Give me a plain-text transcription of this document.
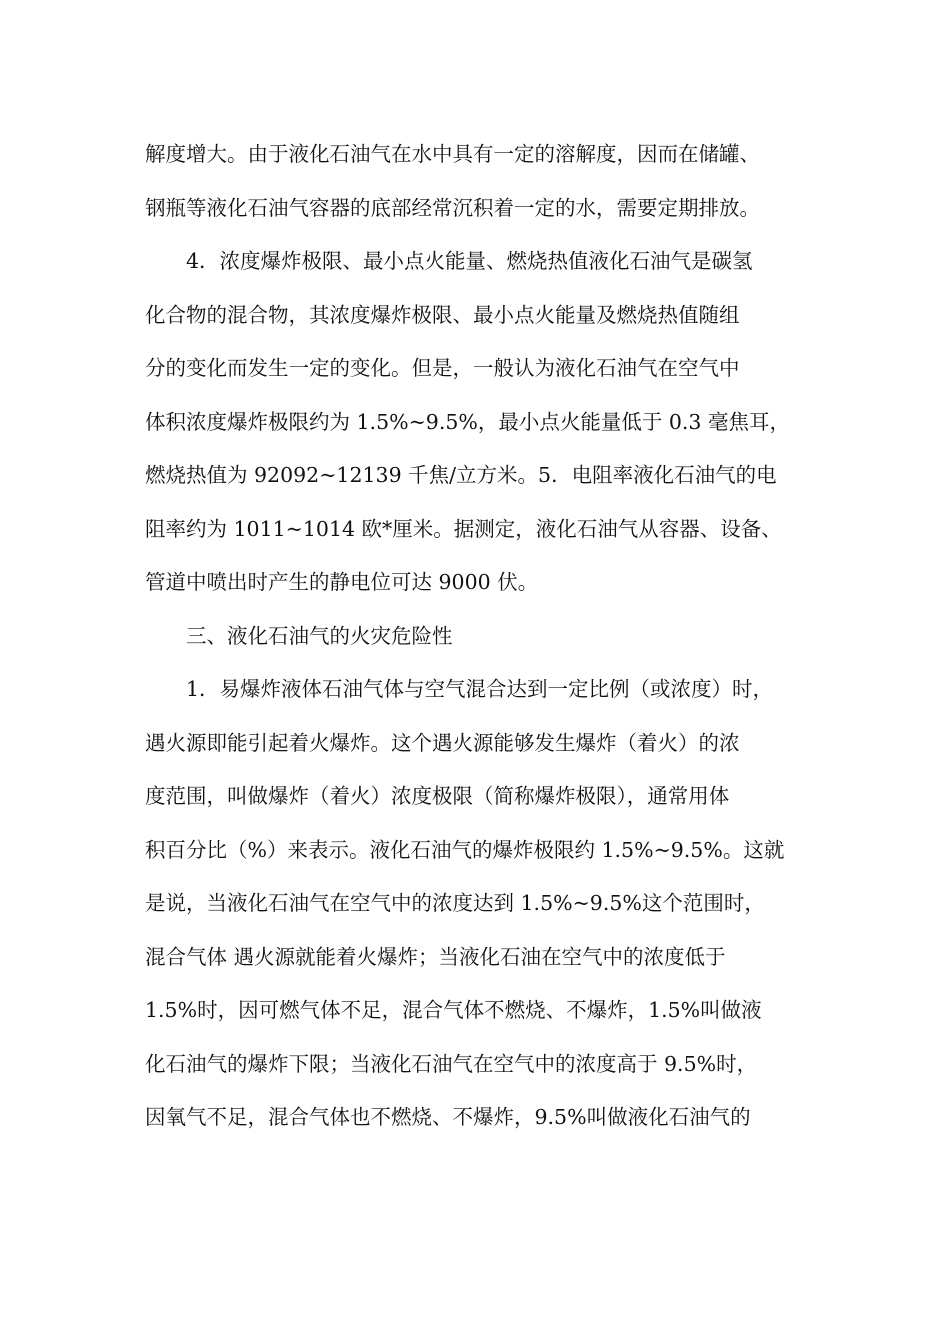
解度增大。由于液化石油气在水中具有一定的溶解度，因而在储罐、
钢瓶等液化石油气容器的底部经常沉积着一定的水，需要定期排放。
4．浓度爆炸极限、最小点火能量、燃烧热值液化石油气是碳氢
化合物的混合物，其浓度爆炸极限、最小点火能量及燃烧热值随组
分的变化而发生一定的变化。但是，一般认为液化石油气在空气中
体积浓度爆炸极限约为 1.5%~9.5%，最小点火能量低于 0.3 毫焦耳，
燃烧热值为 92092~12139 千焦/立方米。5．电阻率液化石油气的电
阻率约为 1011~1014 欧*厘米。据测定，液化石油气从容器、设备、
管道中喷出时产生的静电位可达 9000 伏。
三、液化石油气的火灾危险性
1．易爆炸液体石油气体与空气混合达到一定比例（或浓度）时，
遇火源即能引起着火爆炸。这个遇火源能够发生爆炸（着火）的浓
度范围，叫做爆炸（着火）浓度极限（简称爆炸极限），通常用体
积百分比（%）来表示。液化石油气的爆炸极限约 1.5%~9.5%。这就
是说，当液化石油气在空气中的浓度达到 1.5%~9.5%这个范围时，
混合气体 遇火源就能着火爆炸；当液化石油在空气中的浓度低于
1.5%时，因可燃气体不足，混合气体不燃烧、不爆炸，1.5%叫做液
化石油气的爆炸下限；当液化石油气在空气中的浓度高于 9.5%时，
因氧气不足，混合气体也不燃烧、不爆炸，9.5%叫做液化石油气的
